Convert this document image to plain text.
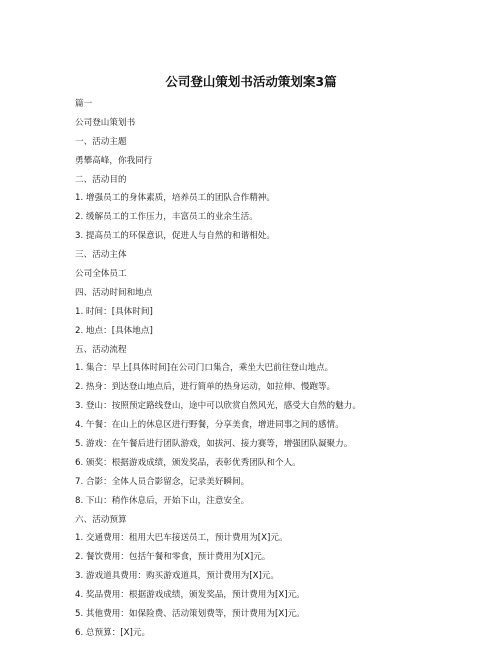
公司登山策划书活动策划案3篇
篇一
公司登山策划书
一、活动主题
勇攀高峰，你我同行
二、活动目的
1. 增强员工的身体素质，培养员工的团队合作精神。
2. 缓解员工的工作压力，丰富员工的业余生活。
3. 提高员工的环保意识，促进人与自然的和谐相处。
三、活动主体
公司全体员工
四、活动时间和地点
1. 时间：[具体时间]
2. 地点：[具体地点]
五、活动流程
1. 集合：早上[具体时间]在公司门口集合，乘坐大巴前往登山地点。
2. 热身：到达登山地点后，进行简单的热身运动，如拉伸、慢跑等。
3. 登山：按照预定路线登山，途中可以欣赏自然风光，感受大自然的魅力。
4. 午餐：在山上的休息区进行野餐，分享美食，增进同事之间的感情。
5. 游戏：在午餐后进行团队游戏，如拔河、接力赛等，增强团队凝聚力。
6. 颁奖：根据游戏成绩，颁发奖品，表彰优秀团队和个人。
7. 合影：全体人员合影留念，记录美好瞬间。
8. 下山：稍作休息后，开始下山，注意安全。
六、活动预算
1. 交通费用：租用大巴车接送员工，预计费用为[X]元。
2. 餐饮费用：包括午餐和零食，预计费用为[X]元。
3. 游戏道具费用：购买游戏道具，预计费用为[X]元。
4. 奖品费用：根据游戏成绩，颁发奖品，预计费用为[X]元。
5. 其他费用：如保险费、活动策划费等，预计费用为[X]元。
6. 总预算：[X]元。
